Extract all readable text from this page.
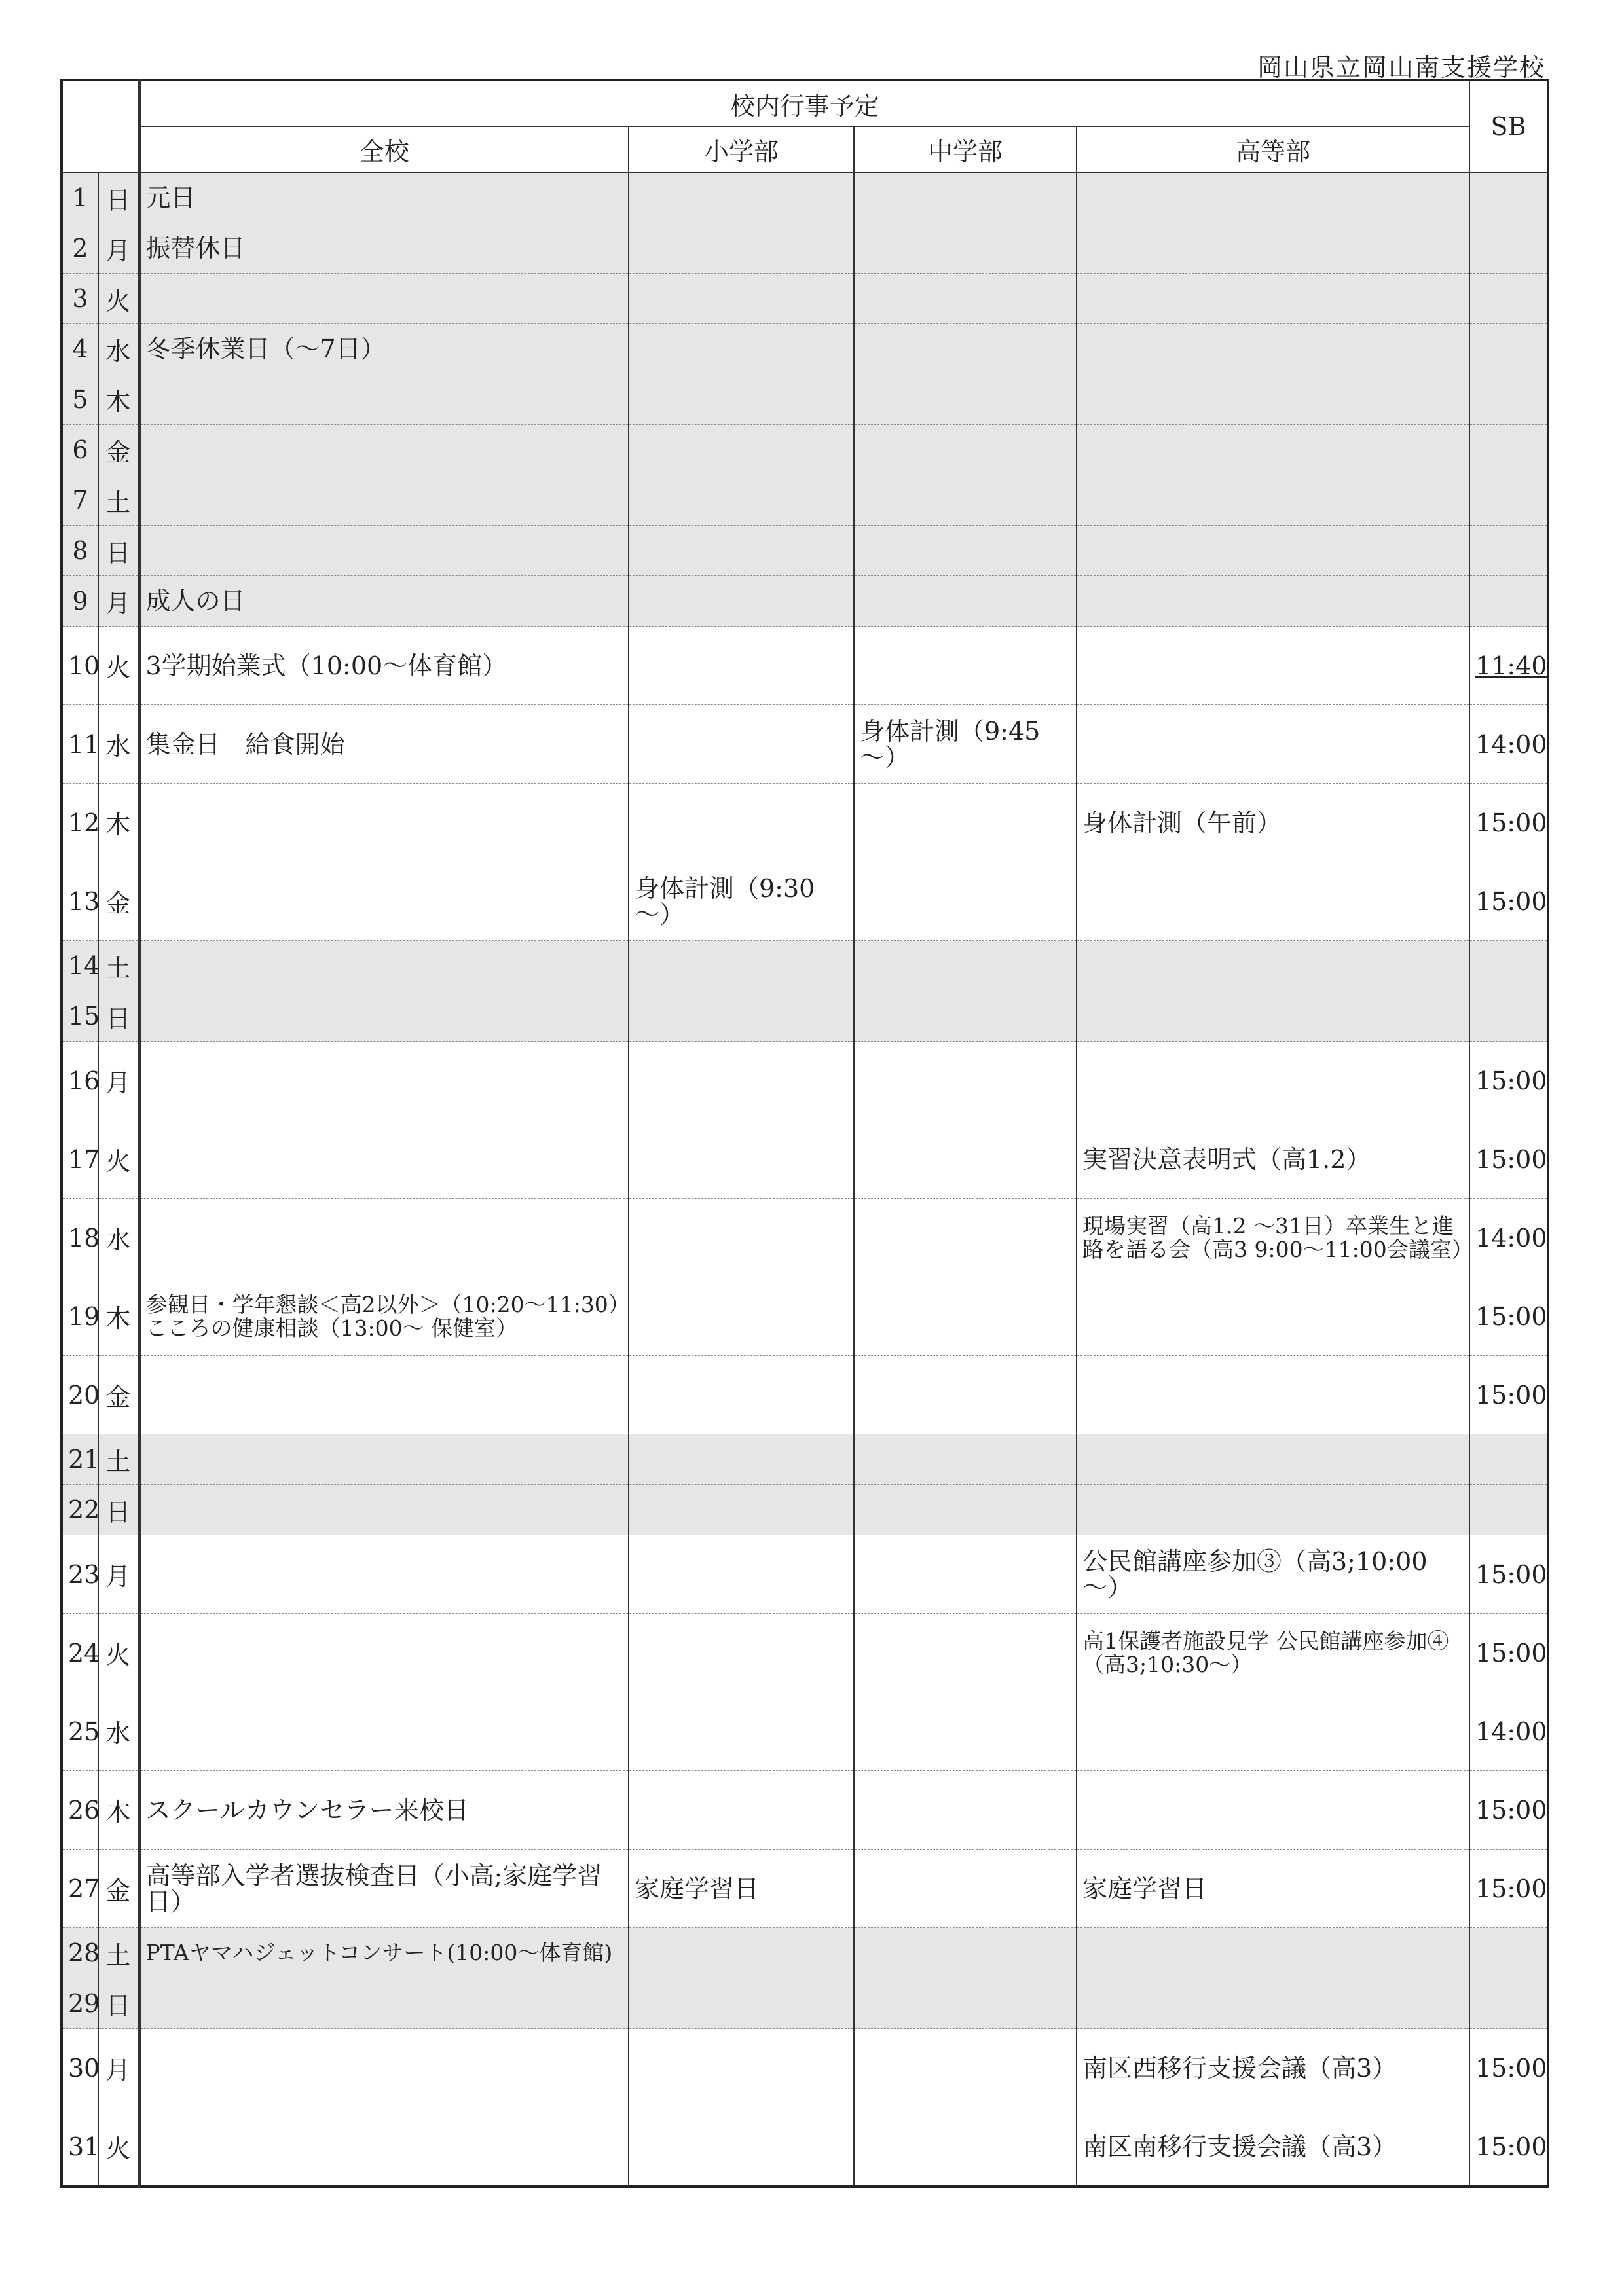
岡山県立岡山南支援学校
		校内行事予定				SB
		全校	小学部	中学部	高等部	
1	日	元日				
2	月	振替休日				
3	火					
4	水	冬季休業日（～7日）				
5	木					
6	金					
7	土					
8	日					
9	月	成人の日				
10	火	3学期始業式（10:00～体育館）				11:40
11	水	集金日　給食開始		身体計測（9:45～）		14:00
12	木				身体計測（午前）	15:00
13	金		身体計測（9:30～）			15:00
14	土					
15	日					
16	月					15:00
17	火				実習決意表明式（高1.2）	15:00
18	水				現場実習（高1.2 ～31日）卒業生と進路を語る会（高3 9:00～11:00会議室）	14:00
19	木	参観日・学年懇談＜高2以外＞（10:20～11:30）こころの健康相談（13:00～ 保健室）				15:00
20	金					15:00
21	土					
22	日					
23	月				公民館講座参加③（高3;10:00～）	15:00
24	火				高1保護者施設見学 公民館講座参加④（高3;10:30～）	15:00
25	水					14:00
26	木	スクールカウンセラー来校日				15:00
27	金	高等部入学者選抜検査日（小高;家庭学習日）	家庭学習日		家庭学習日	15:00
28	土	PTAヤマハジェットコンサート(10:00～体育館)				
29	日					
30	月				南区西移行支援会議（高3）	15:00
31	火				南区南移行支援会議（高3）	15:00
